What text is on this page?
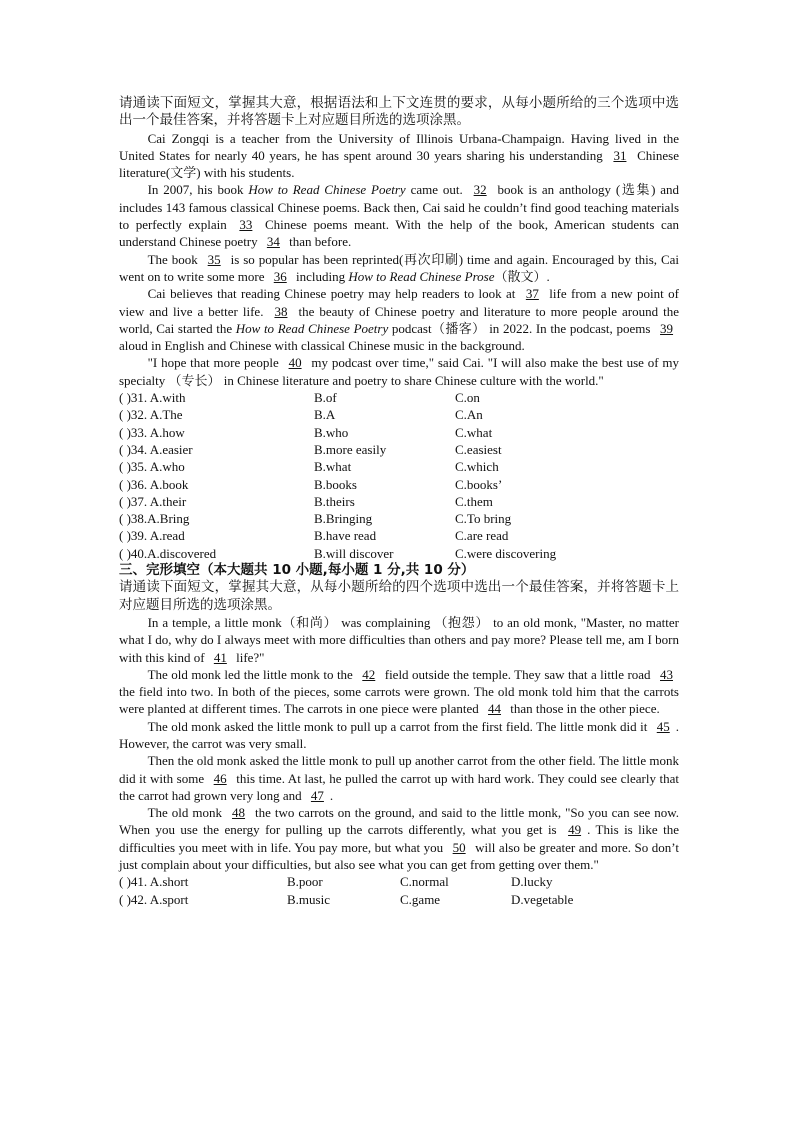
请通读下面短文，掌握其大意，根据语法和上下文连贯的要求，从每小题所给的三个选项中选出一个最佳答案，并将答题卡上对应题目所选的选项涂黑。

Cai Zongqi is a teacher from the University of Illinois Urbana-Champaign. Having lived in the United States for nearly 40 years, he has spent around 30 years sharing his understanding 31 Chinese literature(文学) with his students.

In 2007, his book How to Read Chinese Poetry came out. 32 book is an anthology (选集) and includes 143 famous classical Chinese poems. Back then, Cai said he couldn’t find good teaching materials to perfectly explain 33 Chinese poems meant. With the help of the book, American students can understand Chinese poetry 34 than before.

The book 35 is so popular has been reprinted(再次印刷) time and again. Encouraged by this, Cai went on to write some more 36 including How to Read Chinese Prose（散文）.

Cai believes that reading Chinese poetry may help readers to look at 37 life from a new point of view and live a better life. 38 the beauty of Chinese poetry and literature to more people around the world, Cai started the How to Read Chinese Poetry podcast（播客） in 2022. In the podcast, poems 39 aloud in English and Chinese with classical Chinese music in the background.

"I hope that more people 40 my podcast over time," said Cai. "I will also make the best use of my specialty （专长） in Chinese literature and poetry to share Chinese culture with the world."

( )31. A.with	B.of	C.on
( )32. A.The	B.A	C.An
( )33. A.how	B.who	C.what
( )34. A.easier	B.more easily	C.easiest
( )35. A.who	B.what	C.which
( )36. A.book	B.books	C.books’
( )37. A.their	B.theirs	C.them
( )38.A.Bring	B.Bringing	C.To bring
( )39. A.read	B.have read	C.are read
( )40.A.discovered	B.will discover	C.were discovering

三、完形填空（本大题共 10 小题,每小题 1 分,共 10 分）

请通读下面短文，掌握其大意，从每小题所给的四个选项中选出一个最佳答案，并将答题卡上对应题目所选的选项涂黑。

In a temple, a little monk（和尚） was complaining （抱怨） to an old monk, "Master, no matter what I do, why do I always meet with more difficulties than others and pay more? Please tell me, am I born with this kind of 41 life?"

The old monk led the little monk to the 42 field outside the temple. They saw that a little road 43 the field into two. In both of the pieces, some carrots were grown. The old monk told him that the carrots were planted at different times. The carrots in one piece were planted 44 than those in the other piece.

The old monk asked the little monk to pull up a carrot from the first field. The little monk did it 45 . However, the carrot was very small.

Then the old monk asked the little monk to pull up another carrot from the other field. The little monk did it with some 46 this time. At last, he pulled the carrot up with hard work. They could see clearly that the carrot had grown very long and 47 .

The old monk 48 the two carrots on the ground, and said to the little monk, "So you can see now. When you use the energy for pulling up the carrots differently, what you get is 49 . This is like the difficulties you meet with in life. You pay more, but what you 50 will also be greater and more. So don’t just complain about your difficulties, but also see what you can get from getting over them."

( )41. A.short	B.poor	C.normal	D.lucky
( )42. A.sport	B.music	C.game	D.vegetable
